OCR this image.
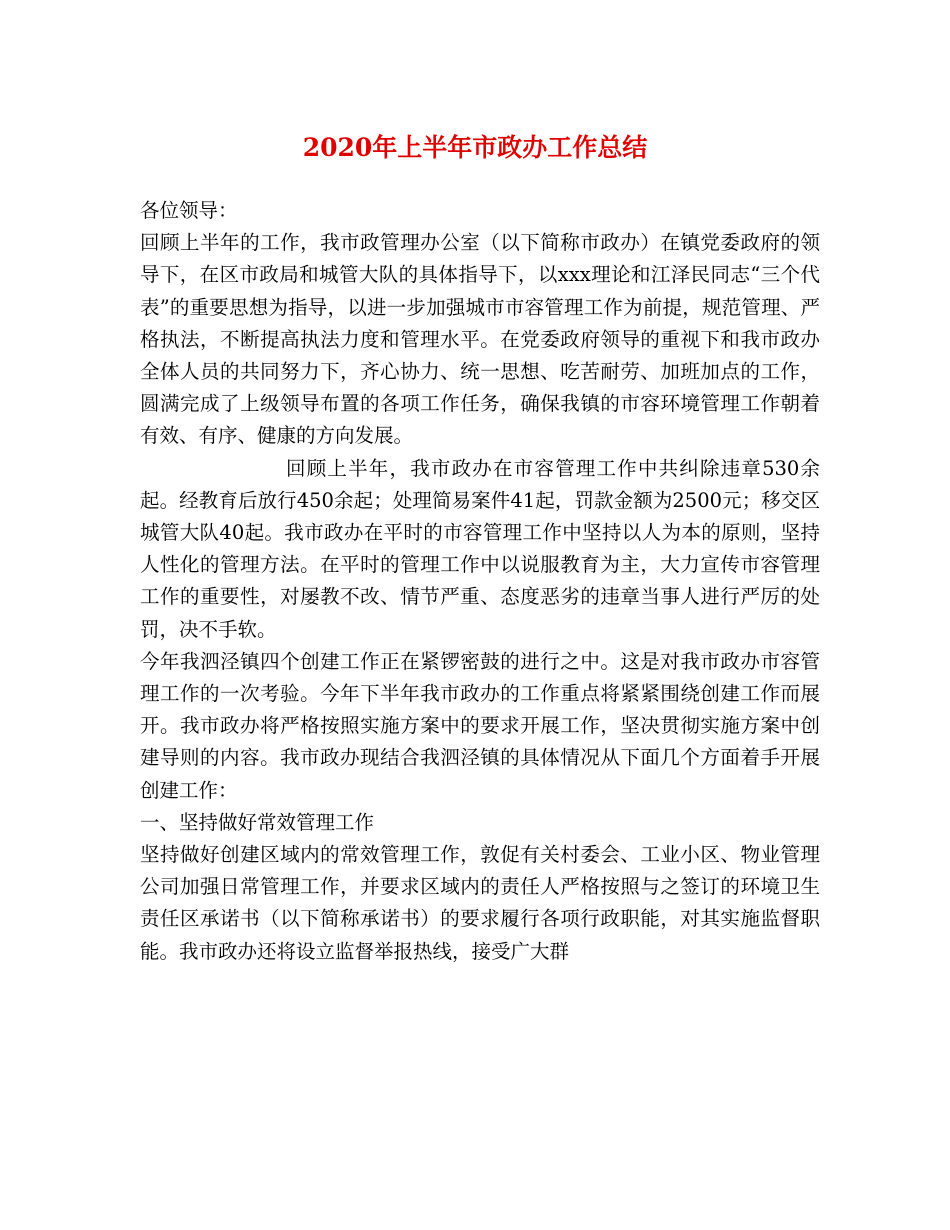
2020年上半年市政办工作总结

各位领导：

回顾上半年的工作，我市政管理办公室（以下简称市政办）在镇党委政府的领导下，在区市政局和城管大队的具体指导下，以xxx理论和江泽民同志“三个代表”的重要思想为指导，以进一步加强城市市容管理工作为前提，规范管理、严格执法，不断提高执法力度和管理水平。在党委政府领导的重视下和我市政办全体人员的共同努力下，齐心协力、统一思想、吃苦耐劳、加班加点的工作，圆满完成了上级领导布置的各项工作任务，确保我镇的市容环境管理工作朝着有效、有序、健康的方向发展。

回顾上半年，我市政办在市容管理工作中共纠除违章530余起。经教育后放行450余起；处理简易案件41起，罚款金额为2500元；移交区城管大队40起。我市政办在平时的市容管理工作中坚持以人为本的原则，坚持人性化的管理方法。在平时的管理工作中以说服教育为主，大力宣传市容管理工作的重要性，对屡教不改、情节严重、态度恶劣的违章当事人进行严厉的处罚，决不手软。

今年我泗泾镇四个创建工作正在紧锣密鼓的进行之中。这是对我市政办市容管理工作的一次考验。今年下半年我市政办的工作重点将紧紧围绕创建工作而展开。我市政办将严格按照实施方案中的要求开展工作，坚决贯彻实施方案中创建导则的内容。我市政办现结合我泗泾镇的具体情况从下面几个方面着手开展创建工作：

一、坚持做好常效管理工作

坚持做好创建区域内的常效管理工作，敦促有关村委会、工业小区、物业管理公司加强日常管理工作，并要求区域内的责任人严格按照与之签订的环境卫生责任区承诺书（以下简称承诺书）的要求履行各项行政职能，对其实施监督职能。我市政办还将设立监督举报热线，接受广大群
